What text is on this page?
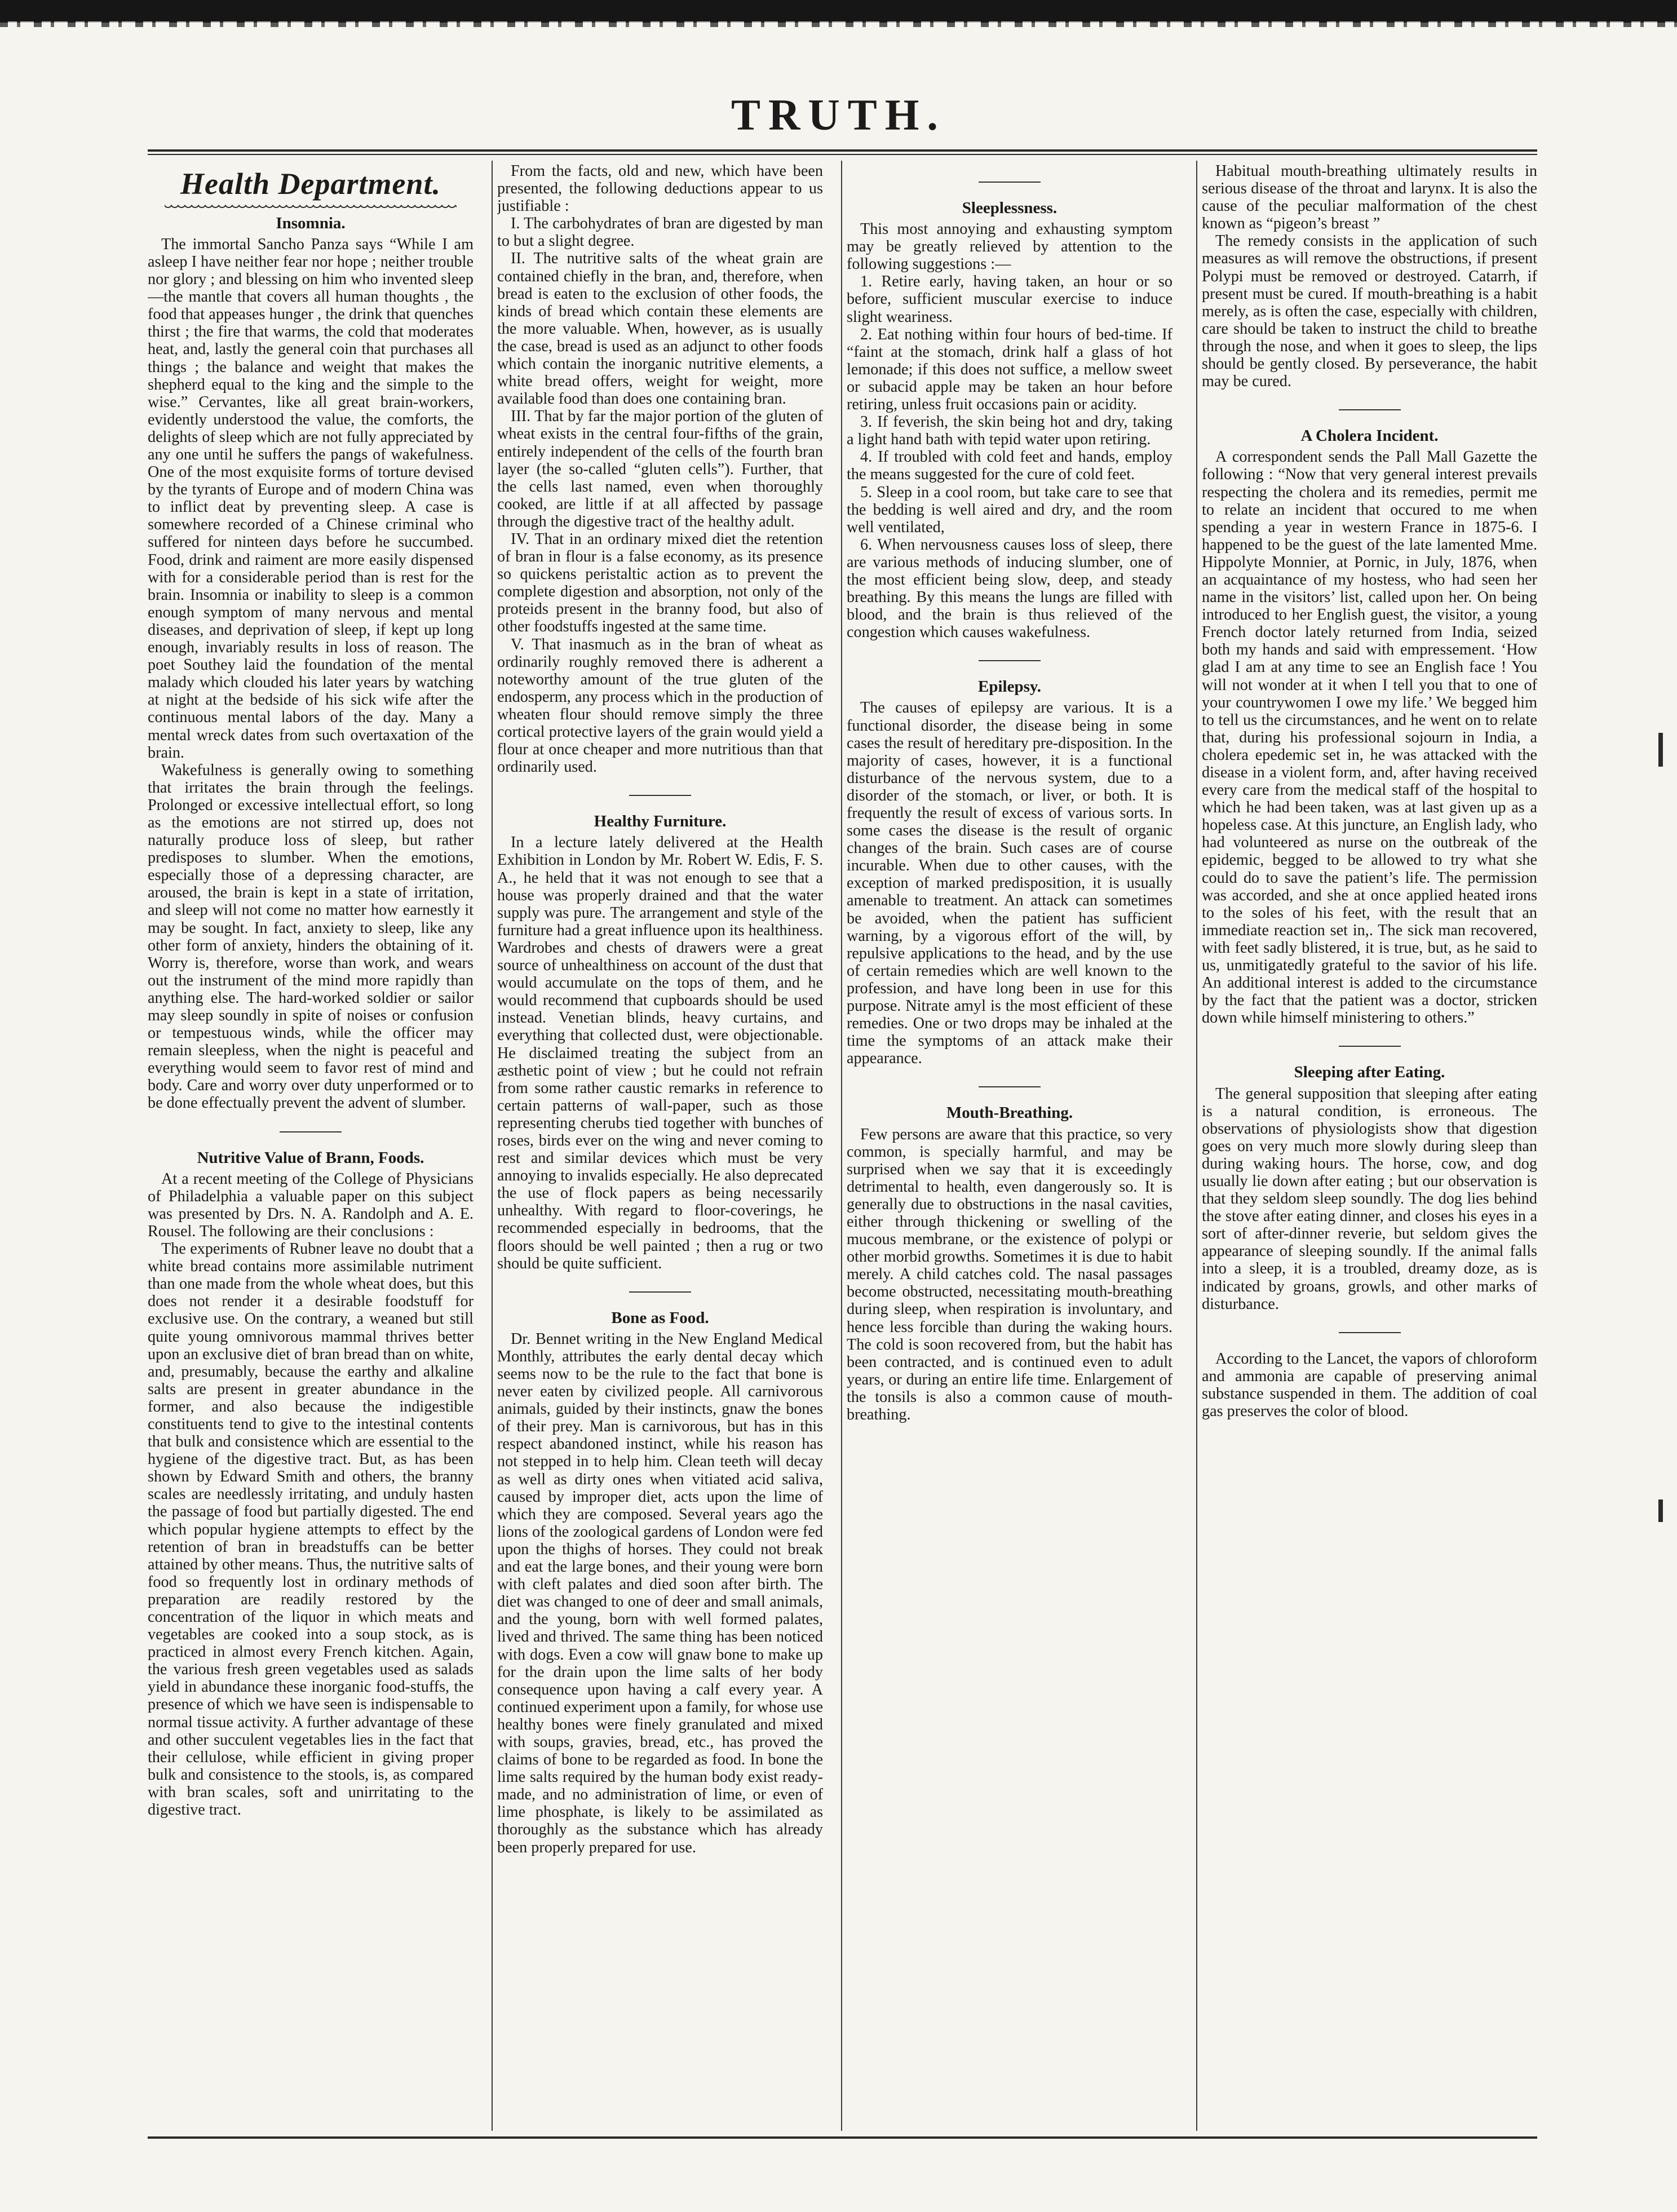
TRUTH.
Health Department.
Insomnia.

The immortal Sancho Panza says “While I am asleep I have neither fear nor hope ; neither trouble nor glory ; and blessing on him who invented sleep—the mantle that covers all human thoughts , the food that appeases hunger , the drink that quenches thirst ; the fire that warms, the cold that moderates heat, and, lastly the general coin that purchases all things ; the balance and weight that makes the shepherd equal to the king and the simple to the wise.” Cervantes, like all great brain-workers, evidently understood the value, the comforts, the delights of sleep which are not fully appreciated by any one until he suffers the pangs of wakefulness. One of the most exquisite forms of torture devised by the tyrants of Europe and of modern China was to inflict deat by preventing sleep. A case is somewhere recorded of a Chinese criminal who suffered for ninteen days before he succumbed. Food, drink and raiment are more easily dispensed with for a considerable period than is rest for the brain. Insomnia or inability to sleep is a common enough symptom of many nervous and mental diseases, and deprivation of sleep, if kept up long enough, invariably results in loss of reason. The poet Southey laid the foundation of the mental malady which clouded his later years by watching at night at the bedside of his sick wife after the continuous mental labors of the day. Many a mental wreck dates from such overtaxation of the brain.

Wakefulness is generally owing to something that irritates the brain through the feelings. Prolonged or excessive intellectual effort, so long as the emotions are not stirred up, does not naturally produce loss of sleep, but rather predisposes to slumber. When the emotions, especially those of a depressing character, are aroused, the brain is kept in a state of irritation, and sleep will not come no matter how earnestly it may be sought. In fact, anxiety to sleep, like any other form of anxiety, hinders the obtaining of it. Worry is, therefore, worse than work, and wears out the instrument of the mind more rapidly than anything else. The hard-worked soldier or sailor may sleep soundly in spite of noises or confusion or tempestuous winds, while the officer may remain sleepless, when the night is peaceful and everything would seem to favor rest of mind and body. Care and worry over duty unperformed or to be done effectually prevent the advent of slumber.

Nutritive Value of Brann, Foods.

At a recent meeting of the College of Physicians of Philadelphia a valuable paper on this subject was presented by Drs. N. A. Randolph and A. E. Rousel. The following are their conclusions :

The experiments of Rubner leave no doubt that a white bread contains more assimilable nutriment than one made from the whole wheat does, but this does not render it a desirable foodstuff for exclusive use. On the contrary, a weaned but still quite young omnivorous mammal thrives better upon an exclusive diet of bran bread than on white, and, presumably, because the earthy and alkaline salts are present in greater abundance in the former, and also because the indigestible constituents tend to give to the intestinal contents that bulk and consistence which are essential to the hygiene of the digestive tract. But, as has been shown by Edward Smith and others, the branny scales are needlessly irritating, and unduly hasten the passage of food but partially digested. The end which popular hygiene attempts to effect by the retention of bran in breadstuffs can be better attained by other means. Thus, the nutritive salts of food so frequently lost in ordinary methods of preparation are readily restored by the concentration of the liquor in which meats and vegetables are cooked into a soup stock, as is practiced in almost every French kitchen. Again, the various fresh green vegetables used as salads yield in abundance these inorganic food-stuffs, the presence of which we have seen is indispensable to normal tissue activity. A further advantage of these and other succulent vegetables lies in the fact that their cellulose, while efficient in giving proper bulk and consistence to the stools, is, as compared with bran scales, soft and unirritating to the digestive tract.

From the facts, old and new, which have been presented, the following deductions appear to us justifiable :

I. The carbohydrates of bran are digested by man to but a slight degree.

II. The nutritive salts of the wheat grain are contained chiefly in the bran, and, therefore, when bread is eaten to the exclusion of other foods, the kinds of bread which contain these elements are the more valuable. When, however, as is usually the case, bread is used as an adjunct to other foods which contain the inorganic nutritive elements, a white bread offers, weight for weight, more available food than does one containing bran.

III. That by far the major portion of the gluten of wheat exists in the central four-fifths of the grain, entirely independent of the cells of the fourth bran layer (the so-called “gluten cells”). Further, that the cells last named, even when thoroughly cooked, are little if at all affected by passage through the digestive tract of the healthy adult.

IV. That in an ordinary mixed diet the retention of bran in flour is a false economy, as its presence so quickens peristaltic action as to prevent the complete digestion and absorption, not only of the proteids present in the branny food, but also of other foodstuffs ingested at the same time.

V. That inasmuch as in the bran of wheat as ordinarily roughly removed there is adherent a noteworthy amount of the true gluten of the endosperm, any process which in the production of wheaten flour should remove simply the three cortical protective layers of the grain would yield a flour at once cheaper and more nutritious than that ordinarily used.

Healthy Furniture.

In a lecture lately delivered at the Health Exhibition in London by Mr. Robert W. Edis, F. S. A., he held that it was not enough to see that a house was properly drained and that the water supply was pure. The arrangement and style of the furniture had a great influence upon its healthiness. Wardrobes and chests of drawers were a great source of unhealthiness on account of the dust that would accumulate on the tops of them, and he would recommend that cupboards should be used instead. Venetian blinds, heavy curtains, and everything that collected dust, were objectionable. He disclaimed treating the subject from an æsthetic point of view ; but he could not refrain from some rather caustic remarks in reference to certain patterns of wall-paper, such as those representing cherubs tied together with bunches of roses, birds ever on the wing and never coming to rest and similar devices which must be very annoying to invalids especially. He also deprecated the use of flock papers as being necessarily unhealthy. With regard to floor-coverings, he recommended especially in bedrooms, that the floors should be well painted ; then a rug or two should be quite sufficient.

Bone as Food.

Dr. Bennet writing in the New England Medical Monthly, attributes the early dental decay which seems now to be the rule to the fact that bone is never eaten by civilized people. All carnivorous animals, guided by their instincts, gnaw the bones of their prey. Man is carnivorous, but has in this respect abandoned instinct, while his reason has not stepped in to help him. Clean teeth will decay as well as dirty ones when vitiated acid saliva, caused by improper diet, acts upon the lime of which they are composed. Several years ago the lions of the zoological gardens of London were fed upon the thighs of horses. They could not break and eat the large bones, and their young were born with cleft palates and died soon after birth. The diet was changed to one of deer and small animals, and the young, born with well formed palates, lived and thrived. The same thing has been noticed with dogs. Even a cow will gnaw bone to make up for the drain upon the lime salts of her body consequence upon having a calf every year. A continued experiment upon a family, for whose use healthy bones were finely granulated and mixed with soups, gravies, bread, etc., has proved the claims of bone to be regarded as food. In bone the lime salts required by the human body exist ready-made, and no administration of lime, or even of lime phosphate, is likely to be assimilated as thoroughly as the substance which has already been properly prepared for use.

Sleeplessness.

This most annoying and exhausting symptom may be greatly relieved by attention to the following suggestions :—

1. Retire early, having taken, an hour or so before, sufficient muscular exercise to induce slight weariness.

2. Eat nothing within four hours of bed-time. If “faint at the stomach, drink half a glass of hot lemonade; if this does not suffice, a mellow sweet or subacid apple may be taken an hour before retiring, unless fruit occasions pain or acidity.

3. If feverish, the skin being hot and dry, taking a light hand bath with tepid water upon retiring.

4. If troubled with cold feet and hands, employ the means suggested for the cure of cold feet.

5. Sleep in a cool room, but take care to see that the bedding is well aired and dry, and the room well ventilated,

6. When nervousness causes loss of sleep, there are various methods of inducing slumber, one of the most efficient being slow, deep, and steady breathing. By this means the lungs are filled with blood, and the brain is thus relieved of the congestion which causes wakefulness.

Epilepsy.

The causes of epilepsy are various. It is a functional disorder, the disease being in some cases the result of hereditary pre-disposition. In the majority of cases, however, it is a functional disturbance of the nervous system, due to a disorder of the stomach, or liver, or both. It is frequently the result of excess of various sorts. In some cases the disease is the result of organic changes of the brain. Such cases are of course incurable. When due to other causes, with the exception of marked predisposition, it is usually amenable to treatment. An attack can sometimes be avoided, when the patient has sufficient warning, by a vigorous effort of the will, by repulsive applications to the head, and by the use of certain remedies which are well known to the profession, and have long been in use for this purpose. Nitrate amyl is the most efficient of these remedies. One or two drops may be inhaled at the time the symptoms of an attack make their appearance.

Mouth-Breathing.

Few persons are aware that this practice, so very common, is specially harmful, and may be surprised when we say that it is exceedingly detrimental to health, even dangerously so. It is generally due to obstructions in the nasal cavities, either through thickening or swelling of the mucous membrane, or the existence of polypi or other morbid growths. Sometimes it is due to habit merely. A child catches cold. The nasal passages become obstructed, necessitating mouth-breathing during sleep, when respiration is involuntary, and hence less forcible than during the waking hours. The cold is soon recovered from, but the habit has been contracted, and is continued even to adult years, or during an entire life time. Enlargement of the tonsils is also a common cause of mouth-breathing.

Habitual mouth-breathing ultimately results in serious disease of the throat and larynx. It is also the cause of the peculiar malformation of the chest known as “pigeon’s breast ”

The remedy consists in the application of such measures as will remove the obstructions, if present Polypi must be removed or destroyed. Catarrh, if present must be cured. If mouth-breathing is a habit merely, as is often the case, especially with children, care should be taken to instruct the child to breathe through the nose, and when it goes to sleep, the lips should be gently closed. By perseverance, the habit may be cured.

A Cholera Incident.

A correspondent sends the Pall Mall Gazette the following : “Now that very general interest prevails respecting the cholera and its remedies, permit me to relate an incident that occured to me when spending a year in western France in 1875-6. I happened to be the guest of the late lamented Mme. Hippolyte Monnier, at Pornic, in July, 1876, when an acquaintance of my hostess, who had seen her name in the visitors’ list, called upon her. On being introduced to her English guest, the visitor, a young French doctor lately returned from India, seized both my hands and said with empressement. ‘How glad I am at any time to see an English face ! You will not wonder at it when I tell you that to one of your countrywomen I owe my life.’ We begged him to tell us the circumstances, and he went on to relate that, during his professional sojourn in India, a cholera epedemic set in, he was attacked with the disease in a violent form, and, after having received every care from the medical staff of the hospital to which he had been taken, was at last given up as a hopeless case. At this juncture, an English lady, who had volunteered as nurse on the outbreak of the epidemic, begged to be allowed to try what she could do to save the patient’s life. The permission was accorded, and she at once applied heated irons to the soles of his feet, with the result that an immediate reaction set in,. The sick man recovered, with feet sadly blistered, it is true, but, as he said to us, unmitigatedly grateful to the savior of his life. An additional interest is added to the circumstance by the fact that the patient was a doctor, stricken down while himself ministering to others.”

Sleeping after Eating.

The general supposition that sleeping after eating is a natural condition, is erroneous. The observations of physiologists show that digestion goes on very much more slowly during sleep than during waking hours. The horse, cow, and dog usually lie down after eating ; but our observation is that they seldom sleep soundly. The dog lies behind the stove after eating dinner, and closes his eyes in a sort of after-dinner reverie, but seldom gives the appearance of sleeping soundly. If the animal falls into a sleep, it is a troubled, dreamy doze, as is indicated by groans, growls, and other marks of disturbance.

According to the Lancet, the vapors of chloroform and ammonia are capable of preserving animal substance suspended in them. The addition of coal gas preserves the color of blood.
